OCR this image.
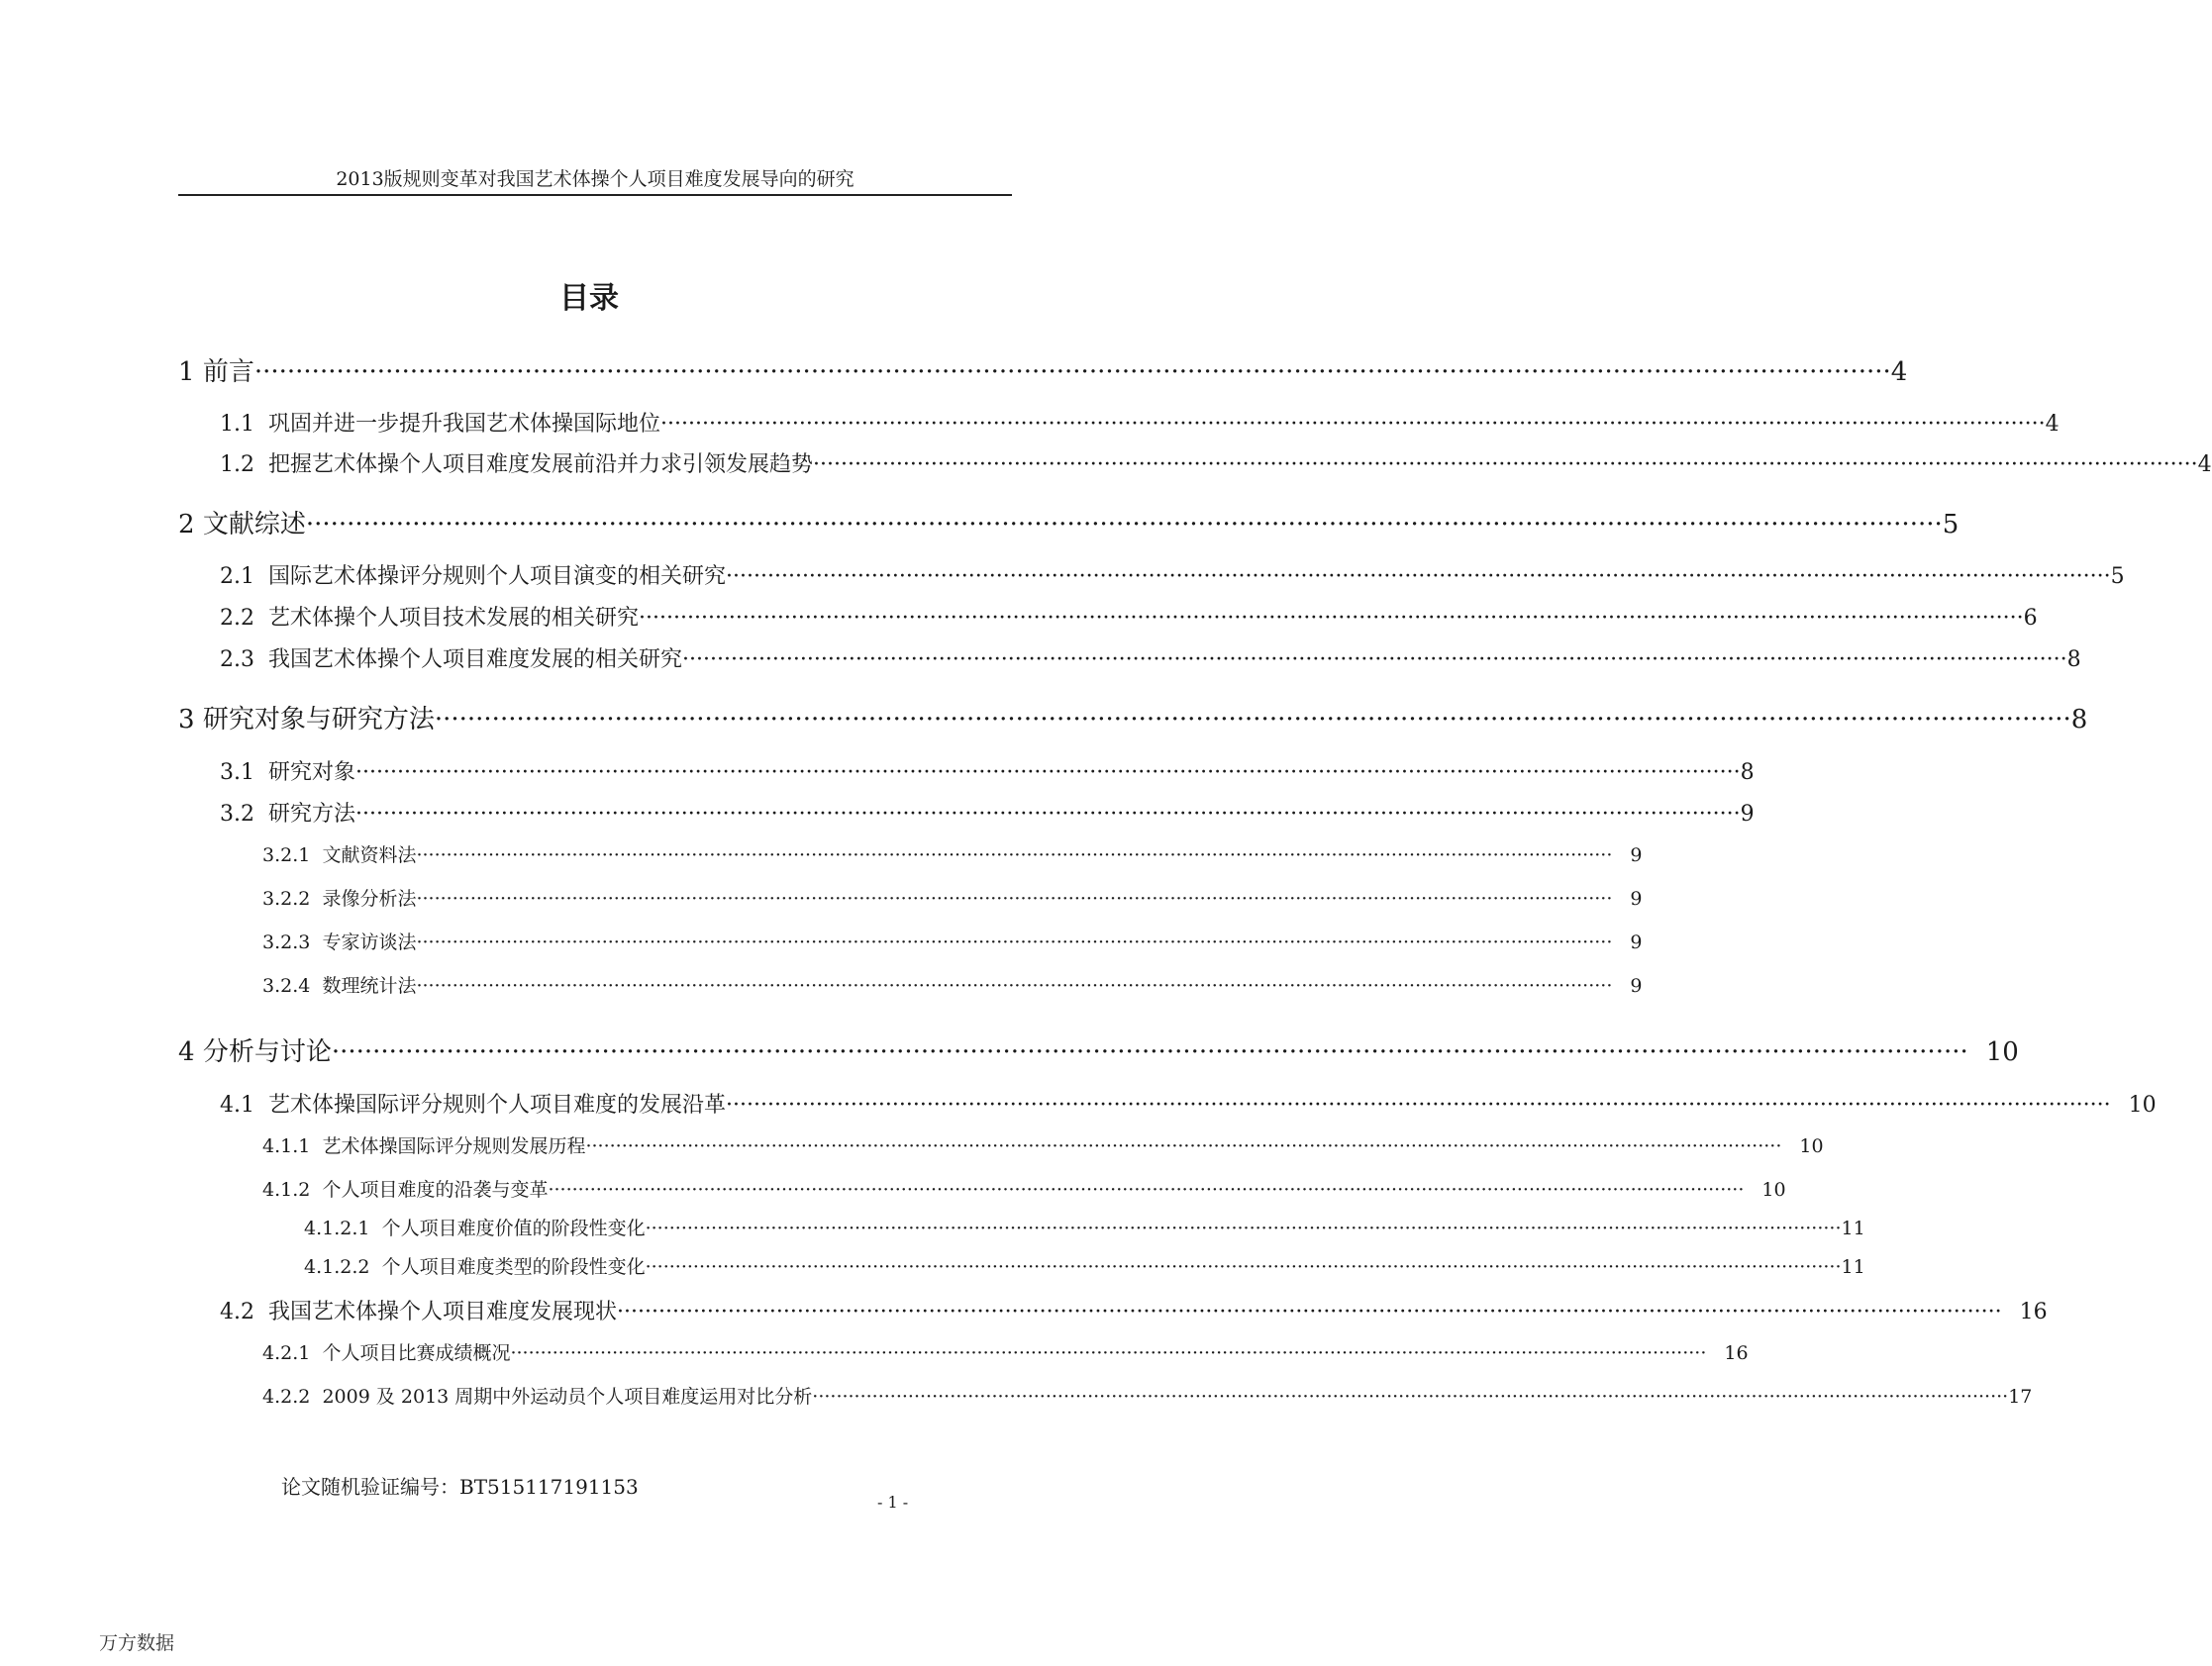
2013版规则变革对我国艺术体操个人项目难度发展导向的研究
目录
1
前言 ········································································································································································································ 4
1.1
巩固并进一步提升我国艺术体操国际地位 ········································································································································································································ 4
1.2
把握艺术体操个人项目难度发展前沿并力求引领发展趋势 ········································································································································································································ 4
2
文献综述 ········································································································································································································ 5
2.1
国际艺术体操评分规则个人项目演变的相关研究 ········································································································································································································ 5
2.2
艺术体操个人项目技术发展的相关研究 ········································································································································································································ 6
2.3
我国艺术体操个人项目难度发展的相关研究 ········································································································································································································ 8
3
研究对象与研究方法 ········································································································································································································ 8
3.1
研究对象 ········································································································································································································ 8
3.2
研究方法 ········································································································································································································ 9
3.2.1
文献资料法 ········································································································································································································ 9
3.2.2
录像分析法 ········································································································································································································ 9
3.2.3
专家访谈法 ········································································································································································································ 9
3.2.4
数理统计法 ········································································································································································································ 9
4
分析与讨论 ········································································································································································································ 10
4.1
艺术体操国际评分规则个人项目难度的发展沿革 ········································································································································································································ 10
4.1.1
艺术体操国际评分规则发展历程 ········································································································································································································ 10
4.1.2
个人项目难度的沿袭与变革 ········································································································································································································ 10
4.1.2.1
个人项目难度价值的阶段性变化 ········································································································································································································ 11
4.1.2.2
个人项目难度类型的阶段性变化 ········································································································································································································ 11
4.2
我国艺术体操个人项目难度发展现状 ········································································································································································································ 16
4.2.1
个人项目比赛成绩概况 ········································································································································································································ 16
4.2.2
2009 及 2013 周期中外运动员个人项目难度运用对比分析 ········································································································································································································ 17
论文随机验证编号：BT515117191153
- 1 -
万方数据
